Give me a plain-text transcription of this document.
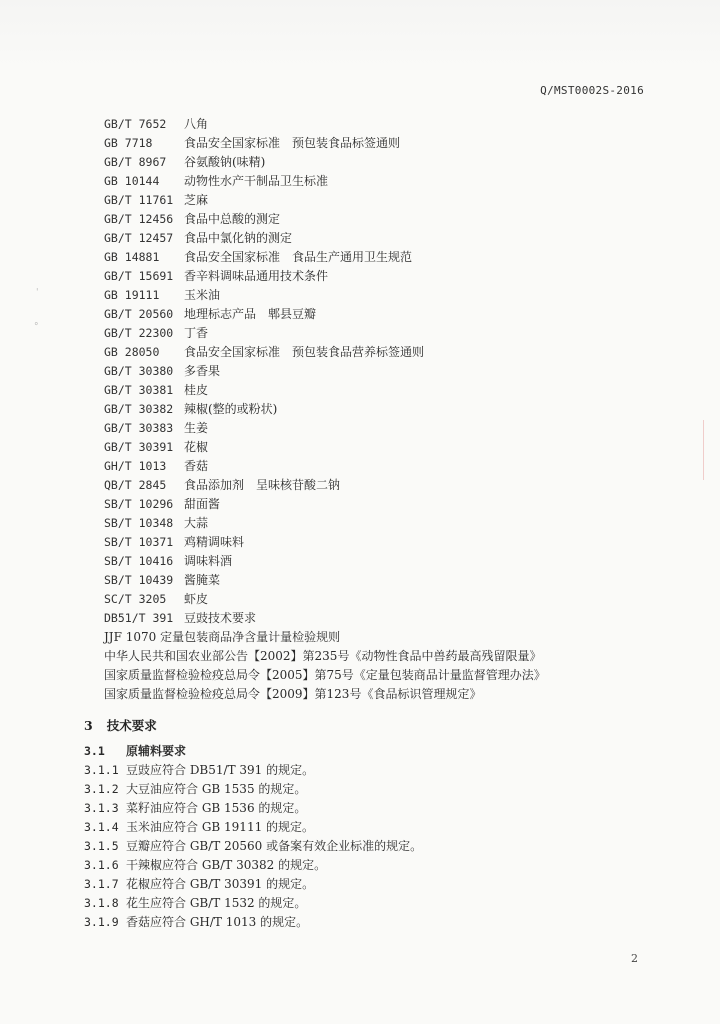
'
°
Q/MST0002S-2016
GB/T 7652 八角
GB 7718	食品安全国家标准　预包装食品标签通则
GB/T 8967 谷氨酸钠(味精)
GB 10144 动物性水产干制品卫生标准
GB/T 11761 芝麻
GB/T 12456 食品中总酸的测定
GB/T 12457 食品中氯化钠的测定
GB 14881 食品安全国家标准　食品生产通用卫生规范
GB/T 15691 香辛料调味品通用技术条件
GB 19111 玉米油
GB/T 20560 地理标志产品　郫县豆瓣
GB/T 22300 丁香
GB 28050 食品安全国家标准　预包装食品营养标签通则
GB/T 30380 多香果
GB/T 30381 桂皮
GB/T 30382 辣椒(整的或粉状)
GB/T 30383 生姜
GB/T 30391 花椒
GH/T 1013 香菇
QB/T 2845 食品添加剂　呈味核苷酸二钠
SB/T 10296 甜面酱
SB/T 10348 大蒜
SB/T 10371 鸡精调味料
SB/T 10416 调味料酒
SB/T 10439 酱腌菜
SC/T 3205 虾皮
DB51/T 391 豆豉技术要求
JJF 1070 定量包装商品净含量计量检验规则
中华人民共和国农业部公告【2002】第235号《动物性食品中兽药最高残留限量》
国家质量监督检验检疫总局令【2005】第75号《定量包装商品计量监督管理办法》
国家质量监督检验检疫总局令【2009】第123号《食品标识管理规定》
3 技术要求
3.1 原辅料要求
3.1.1 豆豉应符合 DB51/T 391 的规定。
3.1.2 大豆油应符合 GB 1535 的规定。
3.1.3 菜籽油应符合 GB 1536 的规定。
3.1.4 玉米油应符合 GB 19111 的规定。
3.1.5 豆瓣应符合 GB/T 20560 或备案有效企业标准的规定。
3.1.6 干辣椒应符合 GB/T 30382 的规定。
3.1.7 花椒应符合 GB/T 30391 的规定。
3.1.8 花生应符合 GB/T 1532 的规定。
3.1.9 香菇应符合 GH/T 1013 的规定。
2
